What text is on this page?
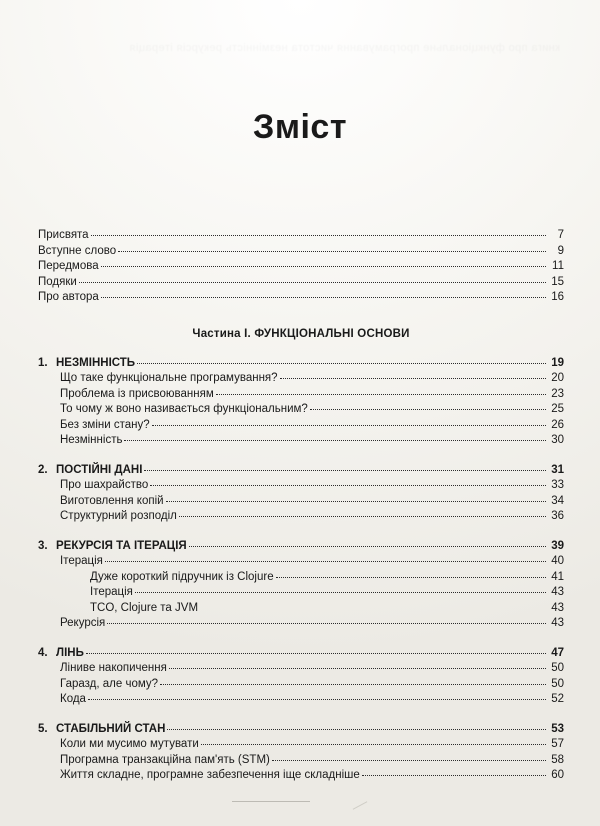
книга про функціональне програмування чистота незмінність рекурсія ітерація
Зміст
Присвята	7
Вступне слово	9
Передмова	11
Подяки	15
Про автора	16
Частина I. ФУНКЦІОНАЛЬНІ ОСНОВИ
1. НЕЗМІННІСТЬ	19
Що таке функціональне програмування?	20
Проблема із присвоюванням	23
То чому ж воно називається функціональним?	25
Без зміни стану?	26
Незмінність	30
2. ПОСТІЙНІ ДАНІ	31
Про шахрайство	33
Виготовлення копій	34
Структурний розподіл	36
3. РЕКУРСІЯ ТА ІТЕРАЦІЯ	39
Ітерація	40
Дуже короткий підручник із Clojure	41
Ітерація	43
TCO, Clojure та JVM	43
Рекурсія	43
4. ЛІНЬ	47
Лінивe накопичення	50
Гаразд, але чому?	50
Кода	52
5. СТАБІЛЬНИЙ СТАН	53
Коли ми мусимо мутувати	57
Програмна транзакційна пам'ять (STM)	58
Життя складне, програмне забезпечення іще складніше	60
